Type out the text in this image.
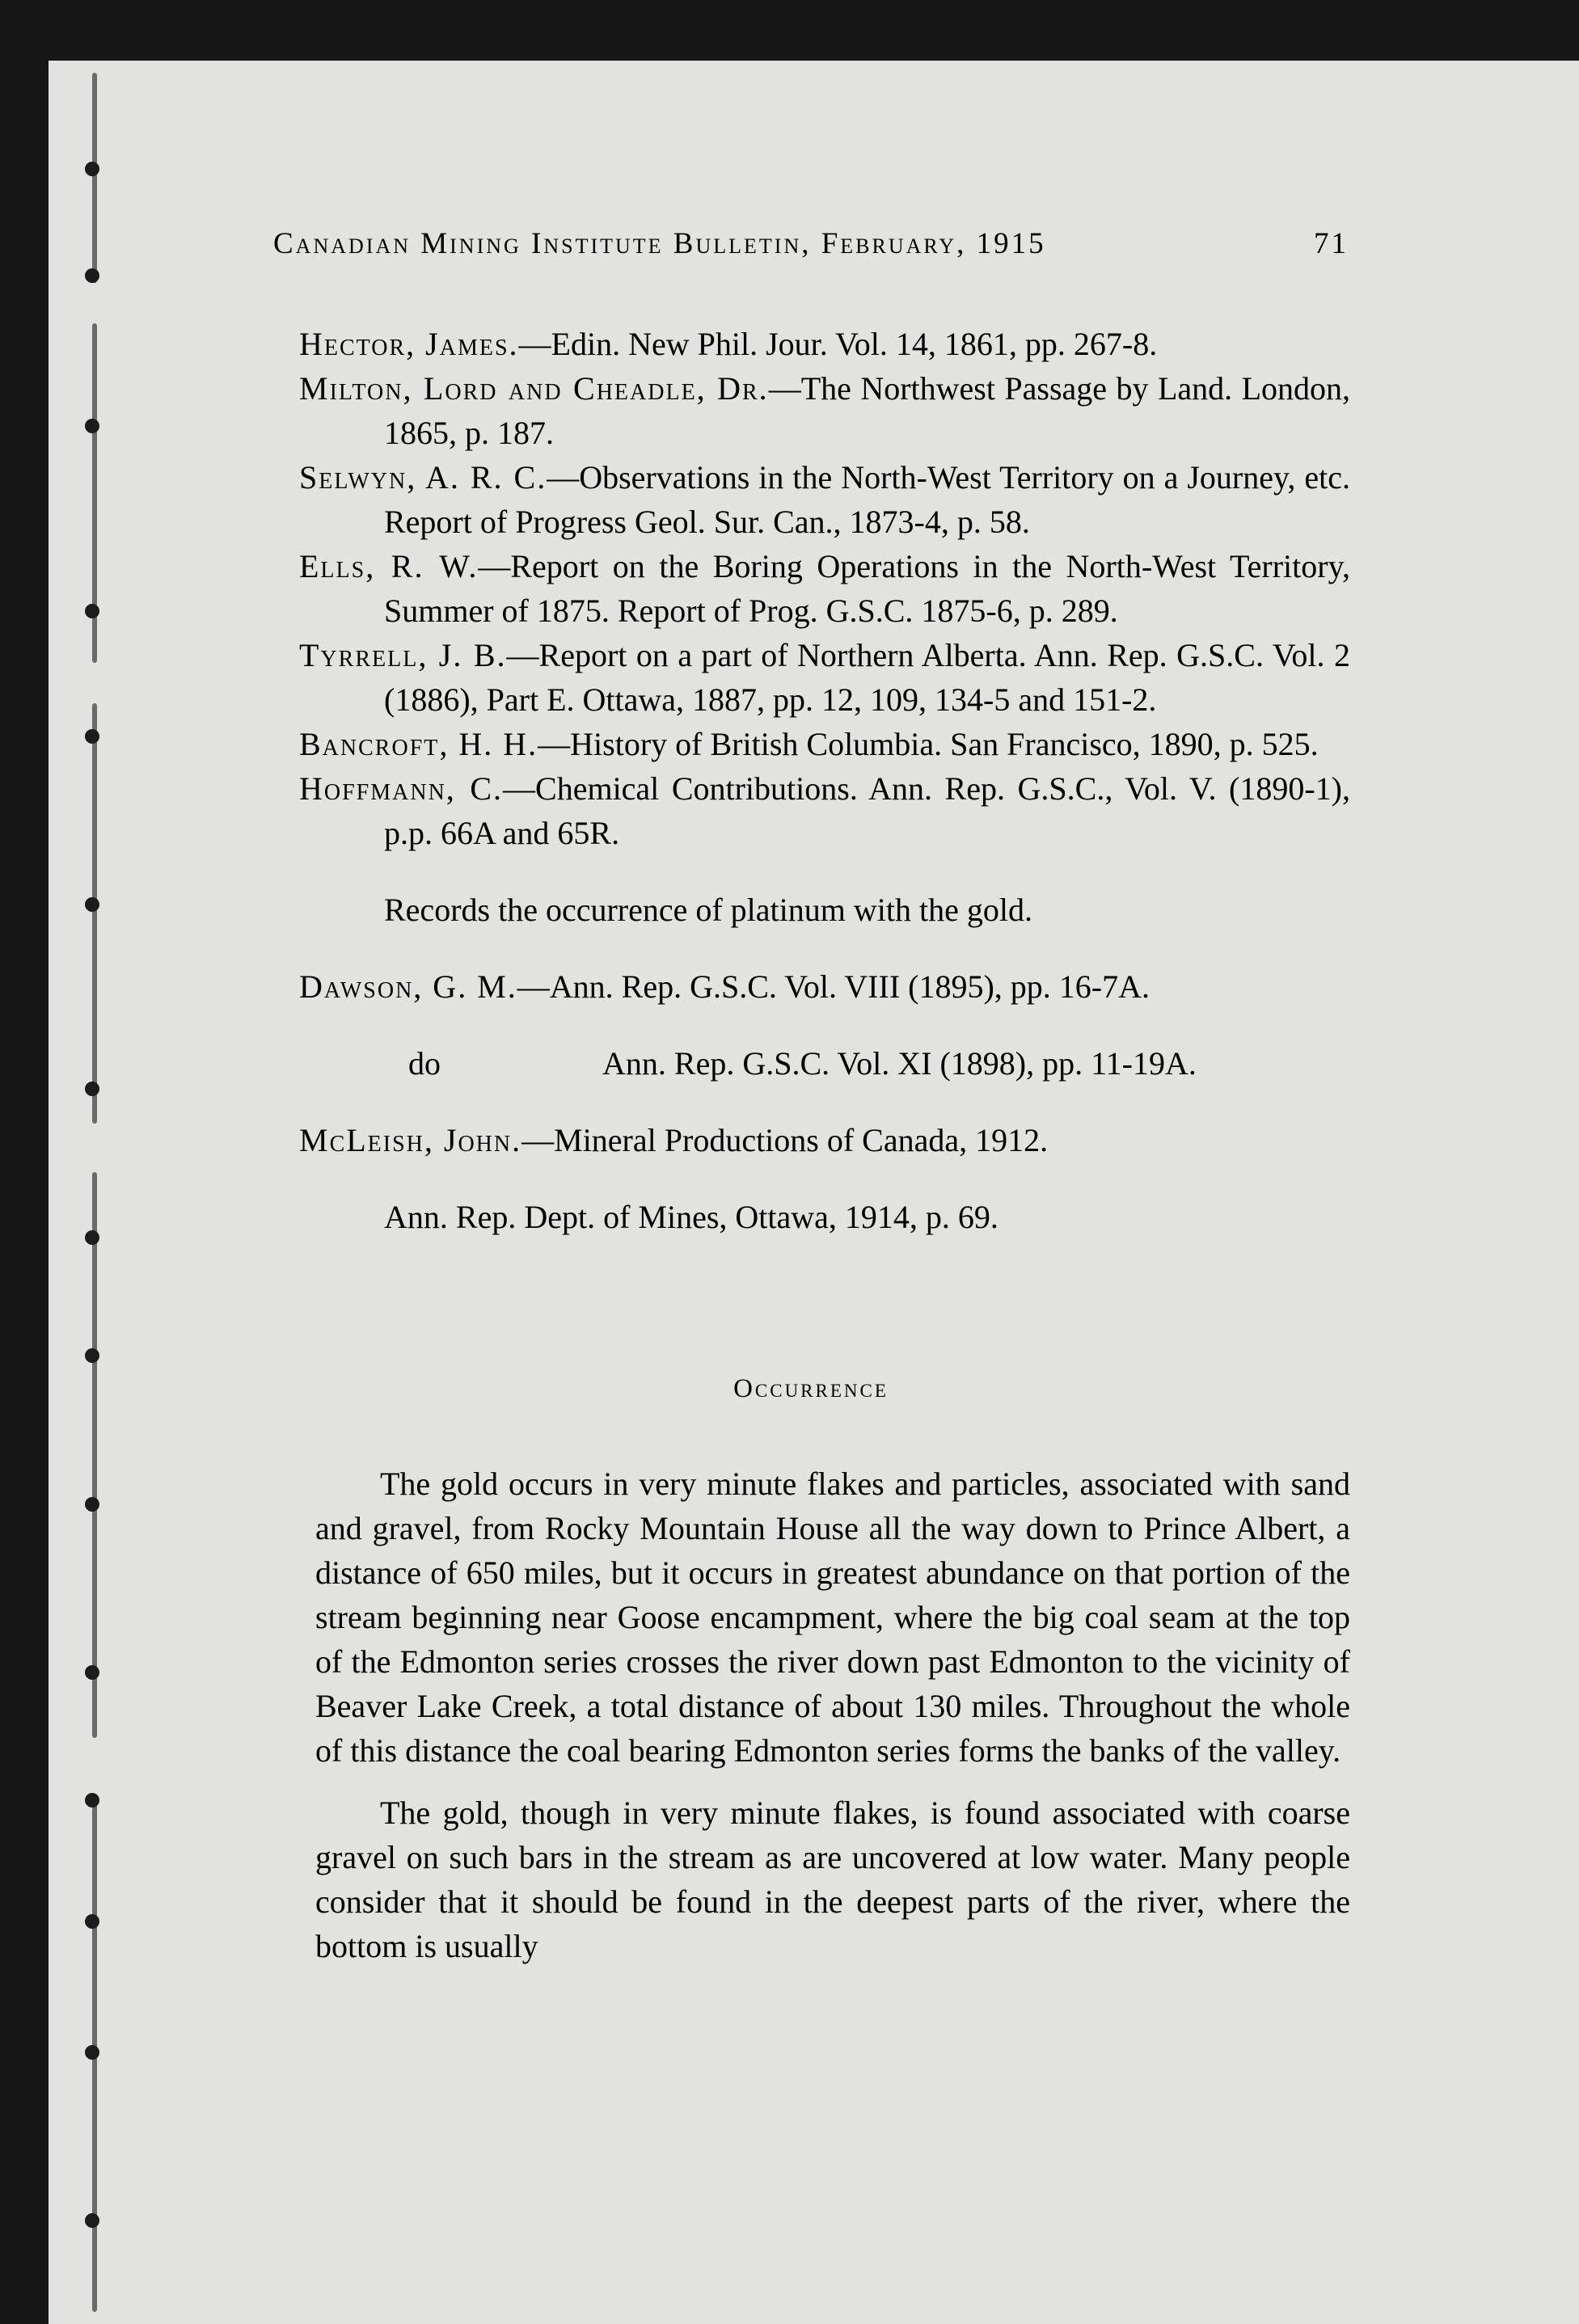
Canadian Mining Institute Bulletin, February, 1915	71

Hector, James.—Edin. New Phil. Jour. Vol. 14, 1861, pp. 267-8.

Milton, Lord and Cheadle, Dr.—The Northwest Passage by Land. London, 1865, p. 187.

Selwyn, A. R. C.—Observations in the North-West Territory on a Journey, etc. Report of Progress Geol. Sur. Can., 1873-4, p. 58.

Ells, R. W.—Report on the Boring Operations in the North-West Territory, Summer of 1875. Report of Prog. G.S.C. 1875-6, p. 289.

Tyrrell, J. B.—Report on a part of Northern Alberta. Ann. Rep. G.S.C. Vol. 2 (1886), Part E. Ottawa, 1887, pp. 12, 109, 134-5 and 151-2.

Bancroft, H. H.—History of British Columbia. San Francisco, 1890, p. 525.

Hoffmann, C.—Chemical Contributions. Ann. Rep. G.S.C., Vol. V. (1890-1), p.p. 66A and 65R.

Records the occurrence of platinum with the gold.

Dawson, G. M.—Ann. Rep. G.S.C. Vol. VIII (1895), pp. 16-7A.

do	Ann. Rep. G.S.C. Vol. XI (1898), pp. 11-19A.

McLeish, John.—Mineral Productions of Canada, 1912.

Ann. Rep. Dept. of Mines, Ottawa, 1914, p. 69.

Occurrence

The gold occurs in very minute flakes and particles, associated with sand and gravel, from Rocky Mountain House all the way down to Prince Albert, a distance of 650 miles, but it occurs in greatest abundance on that portion of the stream beginning near Goose encampment, where the big coal seam at the top of the Edmonton series crosses the river down past Edmonton to the vicinity of Beaver Lake Creek, a total distance of about 130 miles. Throughout the whole of this distance the coal bearing Edmonton series forms the banks of the valley.

The gold, though in very minute flakes, is found associated with coarse gravel on such bars in the stream as are uncovered at low water. Many people consider that it should be found in the deepest parts of the river, where the bottom is usually
